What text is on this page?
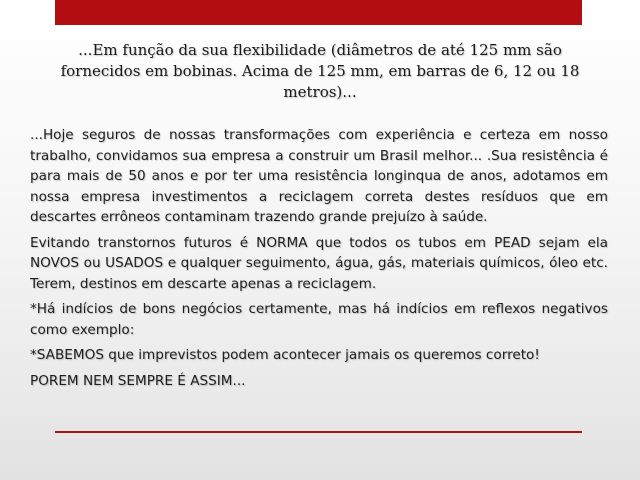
...Em função da sua flexibilidade (diâmetros de até 125 mm são fornecidos em bobinas. Acima de 125 mm, em barras de 6, 12 ou 18 metros)...

...Hoje seguros de nossas transformações com experiência e certeza em nosso trabalho, convidamos sua empresa a construir um Brasil melhor... .Sua resistência é para mais de 50 anos e por ter uma resistência longinqua de anos, adotamos em nossa empresa investimentos a reciclagem correta destes resíduos que em descartes errôneos contaminam trazendo grande prejuízo à saúde.

Evitando transtornos futuros é NORMA que todos os tubos em PEAD sejam ela NOVOS ou USADOS e qualquer seguimento, água, gás, materiais químicos, óleo etc. Terem, destinos em descarte apenas a reciclagem.

*Há indícios de bons negócios certamente, mas há indícios em reflexos negativos como exemplo:

*SABEMOS que imprevistos podem acontecer jamais os queremos correto!

POREM NEM SEMPRE É ASSIM...
